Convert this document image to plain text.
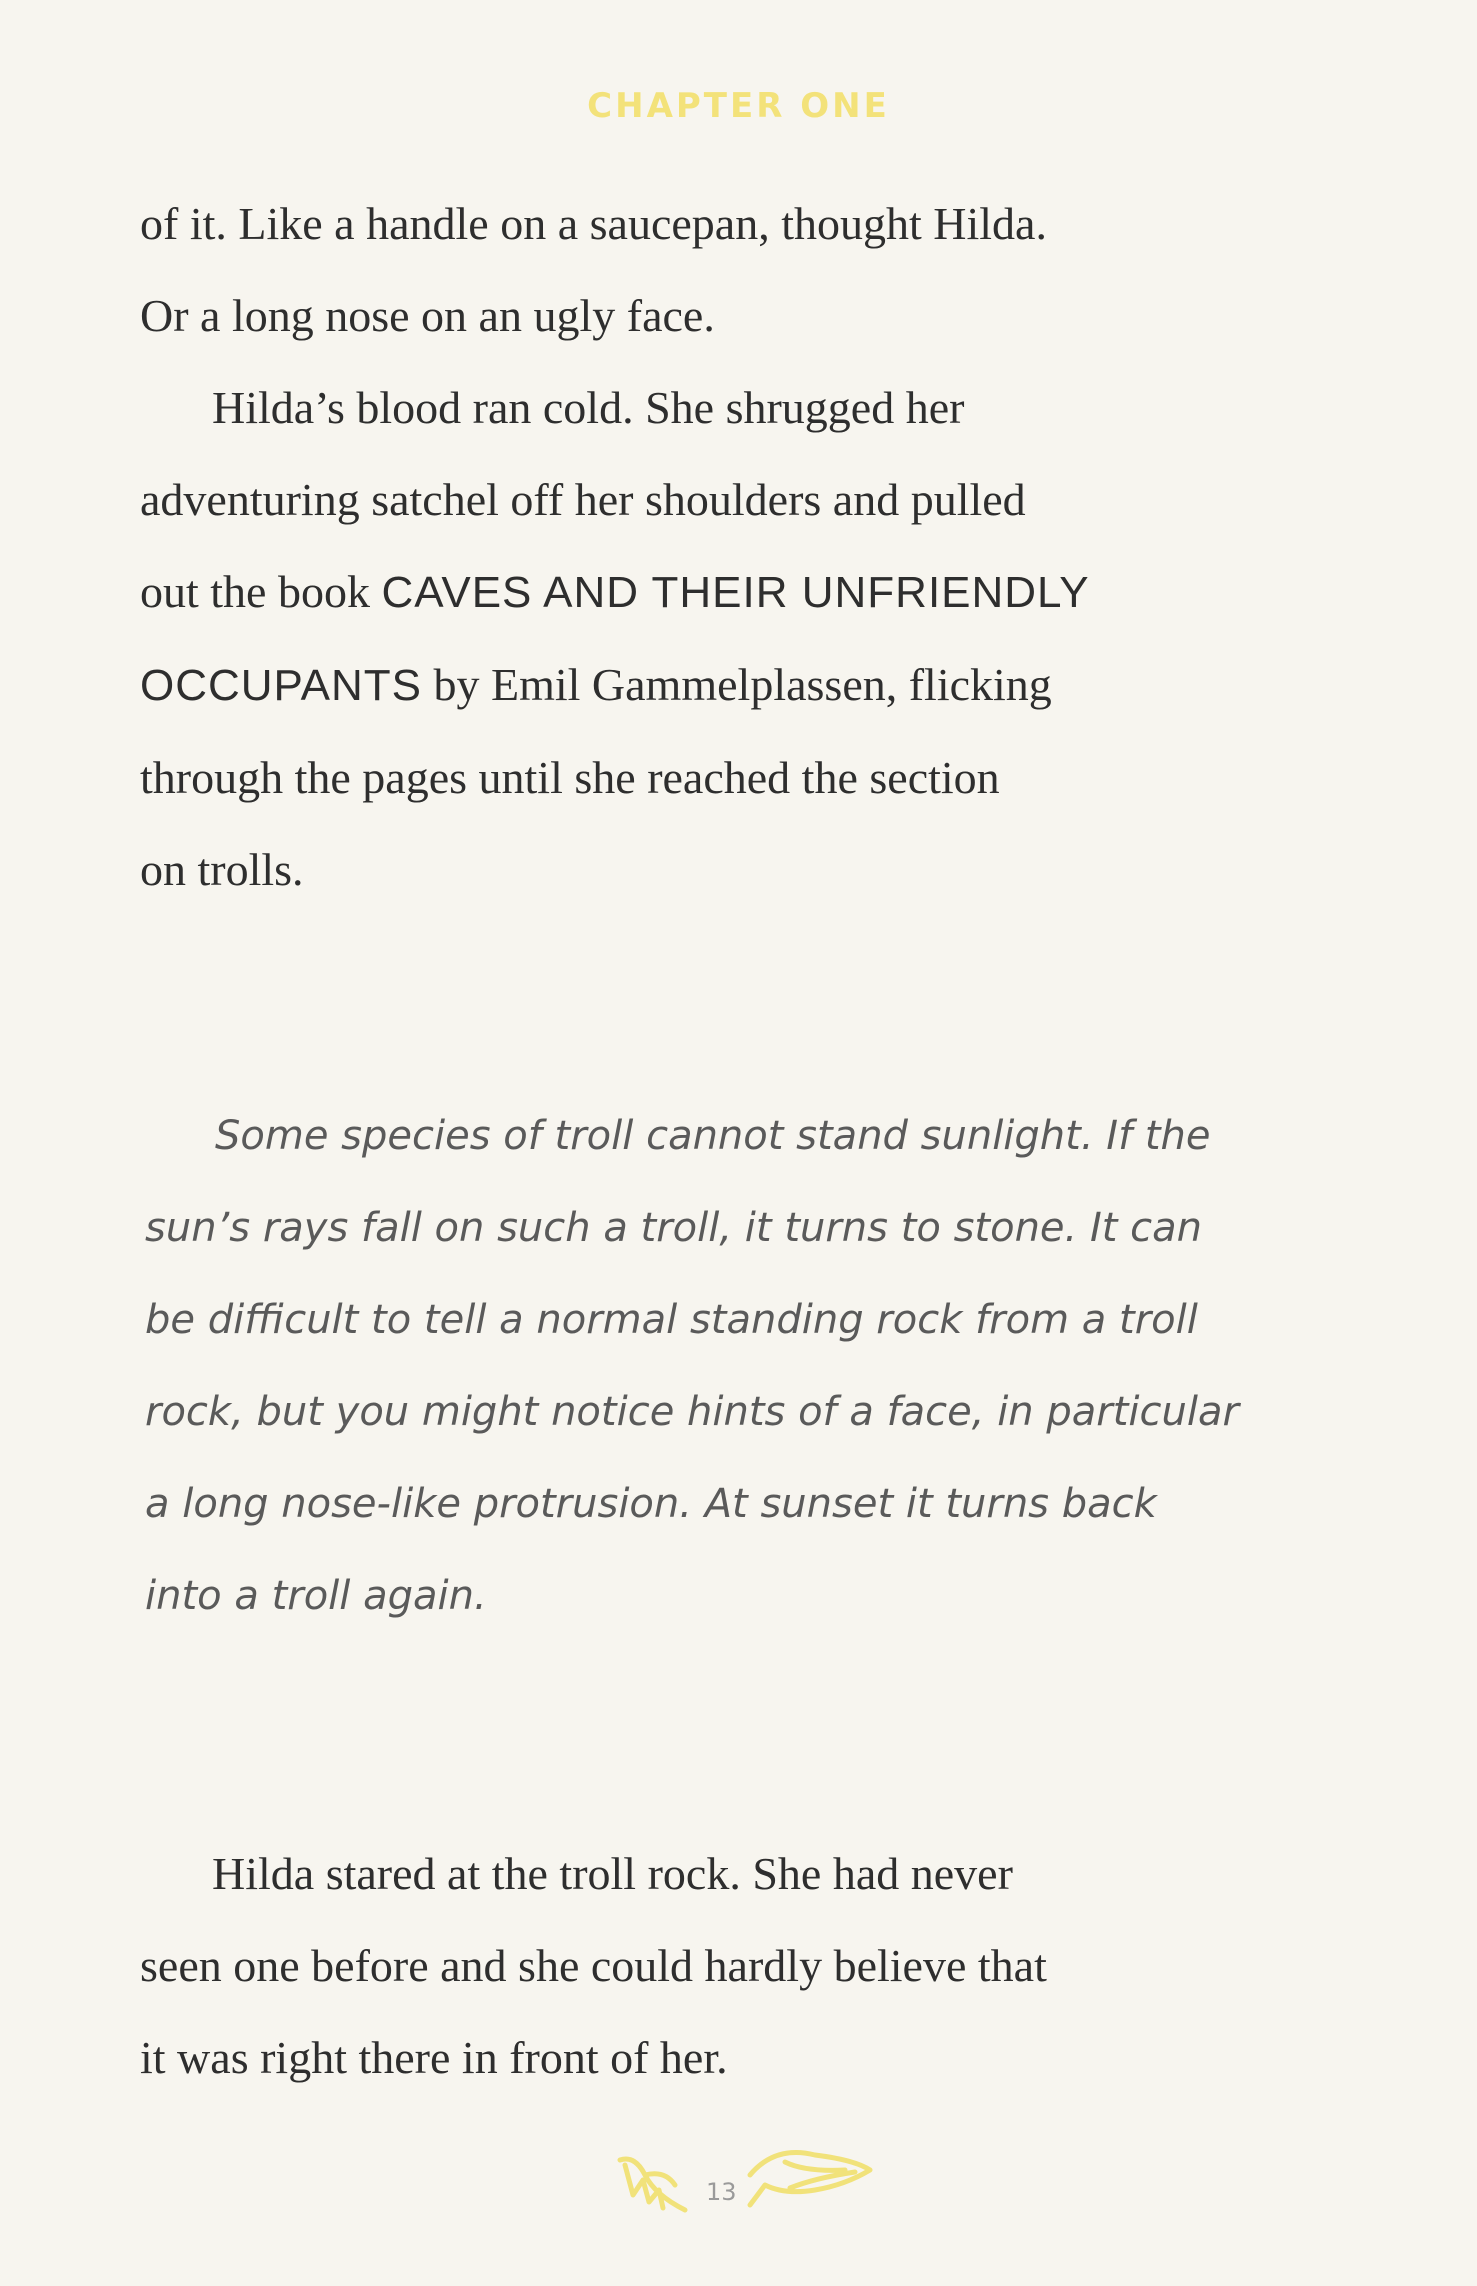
CHAPTER ONE

of it. Like a handle on a saucepan, thought Hilda.
Or a long nose on an ugly face.

Hilda’s blood ran cold. She shrugged her
adventuring satchel off her shoulders and pulled
out the book CAVES AND THEIR UNFRIENDLY
OCCUPANTS by Emil Gammelplassen, flicking
through the pages until she reached the section
on trolls.

Some species of troll cannot stand sunlight. If the
sun’s rays fall on such a troll, it turns to stone. It can
be difficult to tell a normal standing rock from a troll
rock, but you might notice hints of a face, in particular
a long nose-like protrusion. At sunset it turns back
into a troll again.

Hilda stared at the troll rock. She had never
seen one before and she could hardly believe that
it was right there in front of her.

13
